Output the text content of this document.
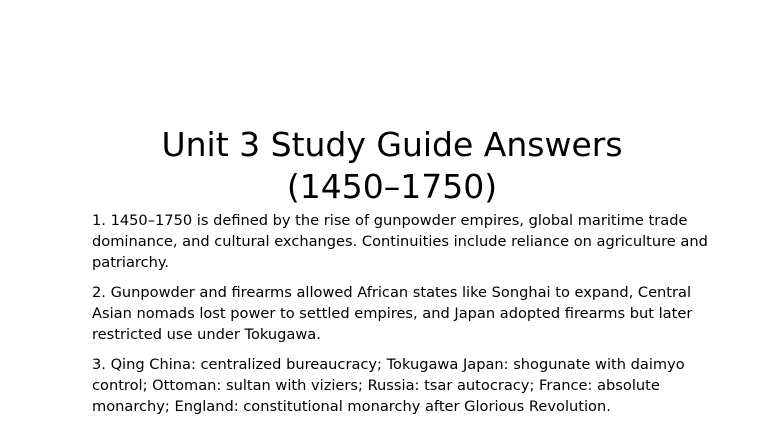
Unit 3 Study Guide Answers
(1450–1750)

1. 1450–1750 is defined by the rise of gunpowder empires, global maritime trade dominance, and cultural exchanges. Continuities include reliance on agriculture and patriarchy.

2. Gunpowder and firearms allowed African states like Songhai to expand, Central Asian nomads lost power to settled empires, and Japan adopted firearms but later restricted use under Tokugawa.

3. Qing China: centralized bureaucracy; Tokugawa Japan: shogunate with daimyo control; Ottoman: sultan with viziers; Russia: tsar autocracy; France: absolute monarchy; England: constitutional monarchy after Glorious Revolution.
